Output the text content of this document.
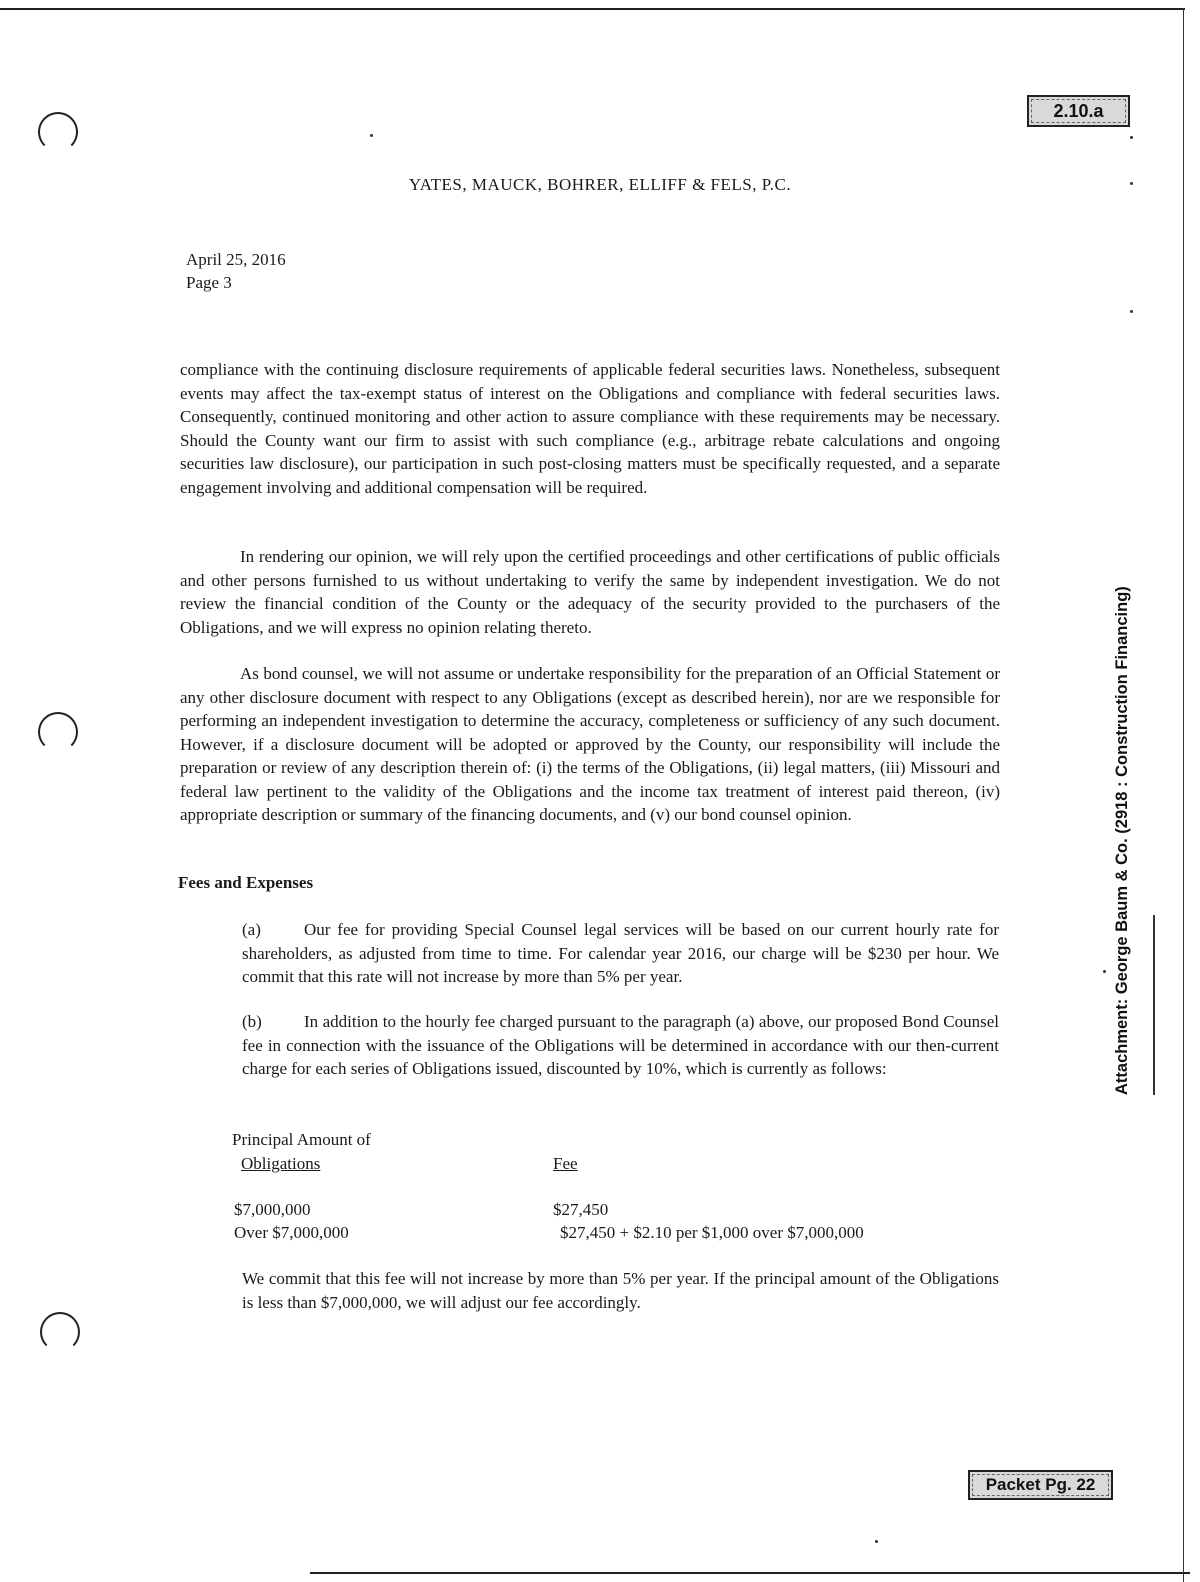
2.10.a
YATES, MAUCK, BOHRER, ELLIFF & FELS, P.C.
April 25, 2016
Page 3
compliance with the continuing disclosure requirements of applicable federal securities laws. Nonetheless, subsequent events may affect the tax-exempt status of interest on the Obligations and compliance with federal securities laws. Consequently, continued monitoring and other action to assure compliance with these requirements may be necessary. Should the County want our firm to assist with such compliance (e.g., arbitrage rebate calculations and ongoing securities law disclosure), our participation in such post-closing matters must be specifically requested, and a separate engagement involving and additional compensation will be required.
In rendering our opinion, we will rely upon the certified proceedings and other certifications of public officials and other persons furnished to us without undertaking to verify the same by independent investigation. We do not review the financial condition of the County or the adequacy of the security provided to the purchasers of the Obligations, and we will express no opinion relating thereto.
As bond counsel, we will not assume or undertake responsibility for the preparation of an Official Statement or any other disclosure document with respect to any Obligations (except as described herein), nor are we responsible for performing an independent investigation to determine the accuracy, completeness or sufficiency of any such document. However, if a disclosure document will be adopted or approved by the County, our responsibility will include the preparation or review of any description therein of: (i) the terms of the Obligations, (ii) legal matters, (iii) Missouri and federal law pertinent to the validity of the Obligations and the income tax treatment of interest paid thereon, (iv) appropriate description or summary of the financing documents, and (v) our bond counsel opinion.
Fees and Expenses
(a)	Our fee for providing Special Counsel legal services will be based on our current hourly rate for shareholders, as adjusted from time to time. For calendar year 2016, our charge will be $230 per hour. We commit that this rate will not increase by more than 5% per year.
(b) In addition to the hourly fee charged pursuant to the paragraph (a) above, our proposed Bond Counsel fee in connection with the issuance of the Obligations will be determined in accordance with our then-current charge for each series of Obligations issued, discounted by 10%, which is currently as follows:
Principal Amount of
Obligations	Fee
$7,000,000	$27,450
Over $7,000,000	$27,450 + $2.10 per $1,000 over $7,000,000
We commit that this fee will not increase by more than 5% per year. If the principal amount of the Obligations is less than $7,000,000, we will adjust our fee accordingly.
Attachment: George Baum & Co. (2918 : Construction Financing)
Packet Pg. 22
